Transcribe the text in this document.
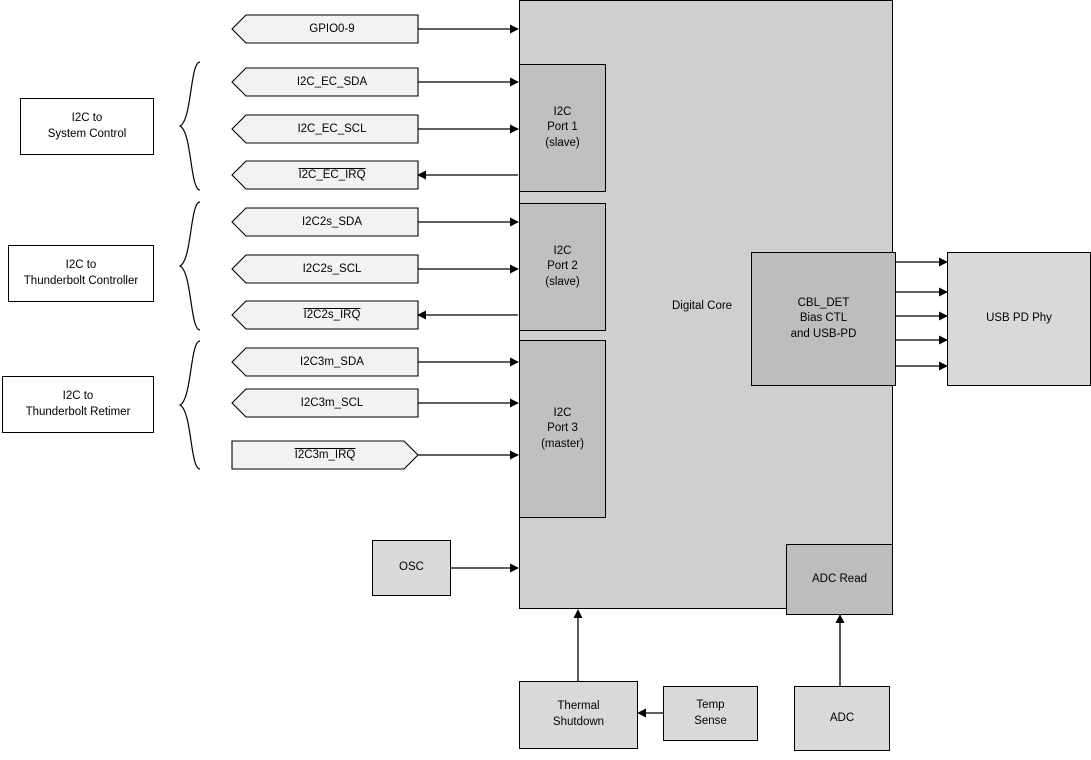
Digital Core
I2C
Port 1
(slave)
I2C
Port 2
(slave)
I2C
Port 3
(master)
CBL_DET
Bias CTL
and USB-PD
USB PD Phy
ADC Read
OSC
Thermal
Shutdown
Temp
Sense	ADC
I2C to
System Control
I2C to
Thunderbolt Controller
I2C to
Thunderbolt Retimer
GPIO0-9
I2C_EC_SDA
I2C_EC_SCL
I2C_EC_IRQ
I2C2s_SDA
I2C2s_SCL
I2C2s_IRQ
I2C3m_SDA
I2C3m_SCL
I2C3m_IRQ
